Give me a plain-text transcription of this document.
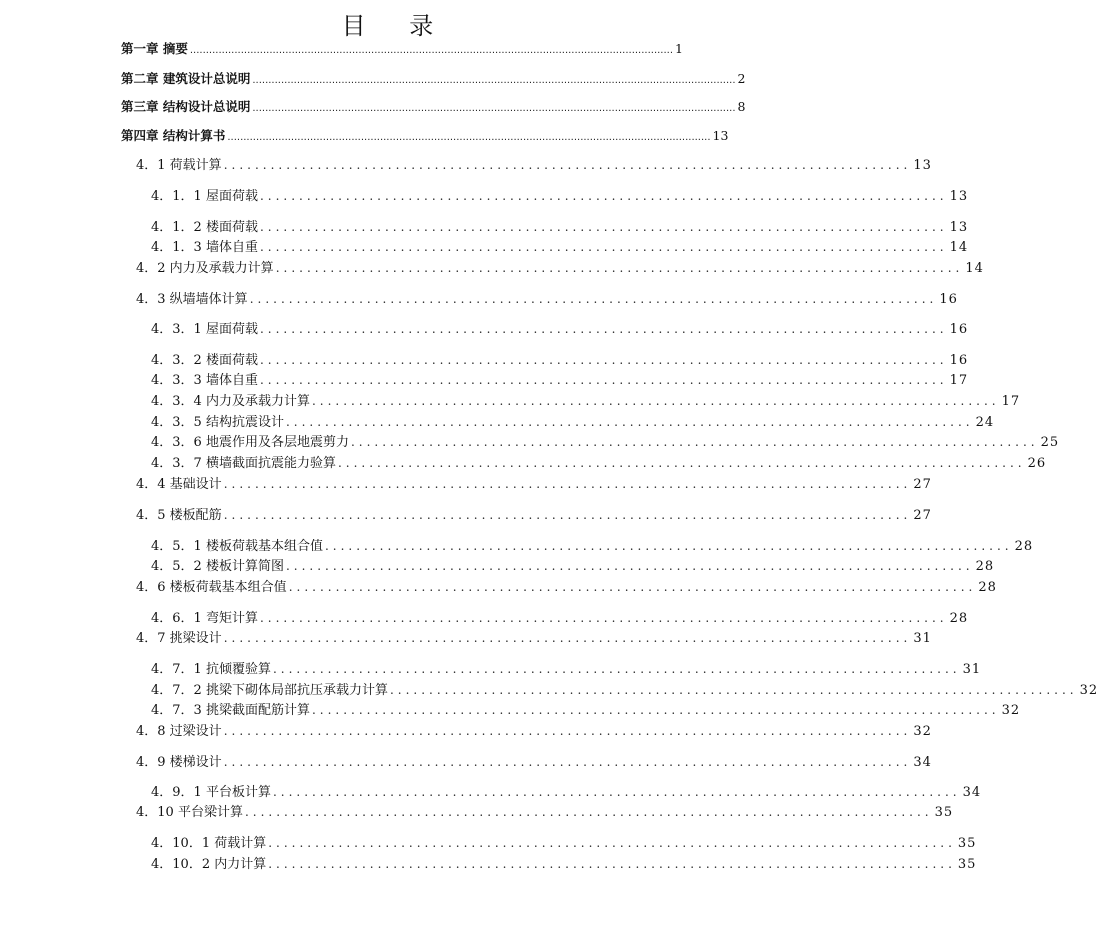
目 录
第一章 摘要 ........................................................................................................................................................ 1
第二章 建筑设计总说明 ........................................................................................................................................................ 2
第三章 结构设计总说明 ........................................................................................................................................................ 8
第四章 结构计算书 ........................................................................................................................................................ 13
4．1 荷载计算 ........................................................................................ 13
4．1．1 屋面荷载 ........................................................................................ 13
4．1．2 楼面荷载 ........................................................................................ 13
4．1．3 墙体自重 ........................................................................................ 14
4．2 内力及承载力计算 ........................................................................................ 14
4．3 纵墙墙体计算 ........................................................................................ 16
4．3．1 屋面荷载 ........................................................................................ 16
4．3．2 楼面荷载 ........................................................................................ 16
4．3．3 墙体自重 ........................................................................................ 17
4．3．4 内力及承载力计算 ........................................................................................ 17
4．3．5 结构抗震设计 ........................................................................................ 24
4．3．6 地震作用及各层地震剪力 ........................................................................................ 25
4．3．7 横墙截面抗震能力验算 ........................................................................................ 26
4．4 基础设计 ........................................................................................ 27
4．5 楼板配筋 ........................................................................................ 27
4．5．1 楼板荷载基本组合值 ........................................................................................ 28
4．5．2 楼板计算简图 ........................................................................................ 28
4．6 楼板荷载基本组合值 ........................................................................................ 28
4．6．1 弯矩计算 ........................................................................................ 28
4．7 挑梁设计 ........................................................................................ 31
4．7．1 抗倾覆验算 ........................................................................................ 31
4．7．2 挑梁下砌体局部抗压承载力计算 ........................................................................................ 32
4．7．3 挑梁截面配筋计算 ........................................................................................ 32
4．8 过梁设计 ........................................................................................ 32
4．9 楼梯设计 ........................................................................................ 34
4．9．1 平台板计算 ........................................................................................ 34
4．10 平台梁计算 ........................................................................................ 35
4．10．1 荷载计算 ........................................................................................ 35
4．10．2 内力计算 ........................................................................................ 35
